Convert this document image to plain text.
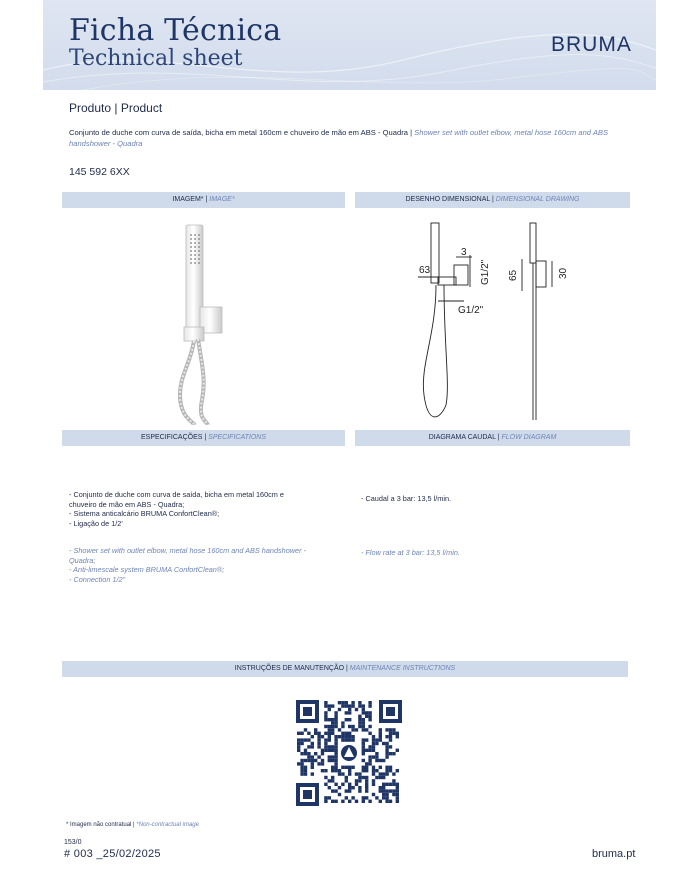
Ficha Técnica
Technical sheet
BRUMA
Produto | Product
Conjunto de duche com curva de saída, bicha em metal 160cm e chuveiro de mão em ABS - Quadra | Shower set with outlet elbow, metal hose 160cm and ABS handshower - Quadra
145 592 6XX
IMAGEM* | IMAGE*	DESENHO DIMENSIONAL | DIMENSIONAL DRAWING
3
G1/2"
63
G1/2"
65	30
ESPECIFICAÇÕES | SPECIFICATIONS	DIAGRAMA CAUDAL | FLOW DIAGRAM
- Conjunto de duche com curva de saída, bicha em metal 160cm e
chuveiro de mão em ABS - Quadra;
- Sistema anticalcário BRUMA ConfortClean®;
- Ligação de 1/2'
- Shower set with outlet elbow, metal hose 160cm and ABS handshower -
Quadra;
- Anti-limescale system BRUMA ConfortClean®;
- Connection 1/2"
- Caudal a 3 bar: 13,5 l/min.
- Flow rate at 3 bar: 13,5 l/min.
INSTRUÇÕES DE MANUTENÇÃO | MAINTENANCE INSTRUCTIONS
* Imagem não contratual | *Non-contractual image
153/0
# 003 _25/02/2025	bruma.pt
